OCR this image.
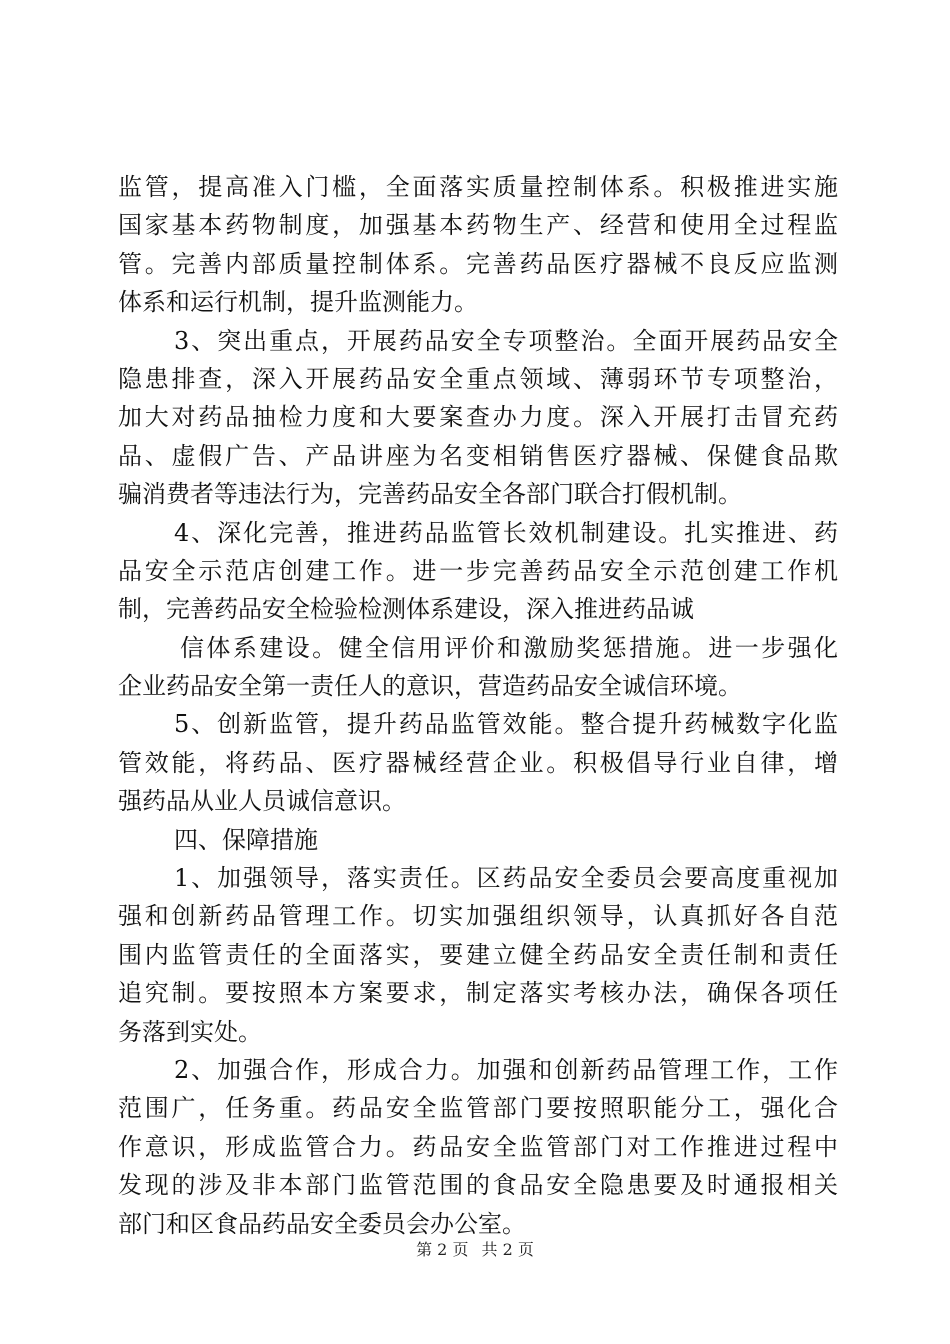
监管，提高准入门槛，全面落实质量控制体系。积极推进实施
国家基本药物制度，加强基本药物生产、经营和使用全过程监
管。完善内部质量控制体系。完善药品医疗器械不良反应监测
体系和运行机制，提升监测能力。
3、突出重点，开展药品安全专项整治。全面开展药品安全
隐患排查，深入开展药品安全重点领域、薄弱环节专项整治，
加大对药品抽检力度和大要案查办力度。深入开展打击冒充药
品、虚假广告、产品讲座为名变相销售医疗器械、保健食品欺
骗消费者等违法行为，完善药品安全各部门联合打假机制。
4、深化完善，推进药品监管长效机制建设。扎实推进、药
品安全示范店创建工作。进一步完善药品安全示范创建工作机
制，完善药品安全检验检测体系建设，深入推进药品诚
信体系建设。健全信用评价和激励奖惩措施。进一步强化
企业药品安全第一责任人的意识，营造药品安全诚信环境。
5、创新监管，提升药品监管效能。整合提升药械数字化监
管效能，将药品、医疗器械经营企业。积极倡导行业自律，增
强药品从业人员诚信意识。
四、保障措施
1、加强领导，落实责任。区药品安全委员会要高度重视加
强和创新药品管理工作。切实加强组织领导，认真抓好各自范
围内监管责任的全面落实，要建立健全药品安全责任制和责任
追究制。要按照本方案要求，制定落实考核办法，确保各项任
务落到实处。
2、加强合作，形成合力。加强和创新药品管理工作，工作
范围广，任务重。药品安全监管部门要按照职能分工，强化合
作意识，形成监管合力。药品安全监管部门对工作推进过程中
发现的涉及非本部门监管范围的食品安全隐患要及时通报相关
部门和区食品药品安全委员会办公室。
第 2 页 共 2 页
